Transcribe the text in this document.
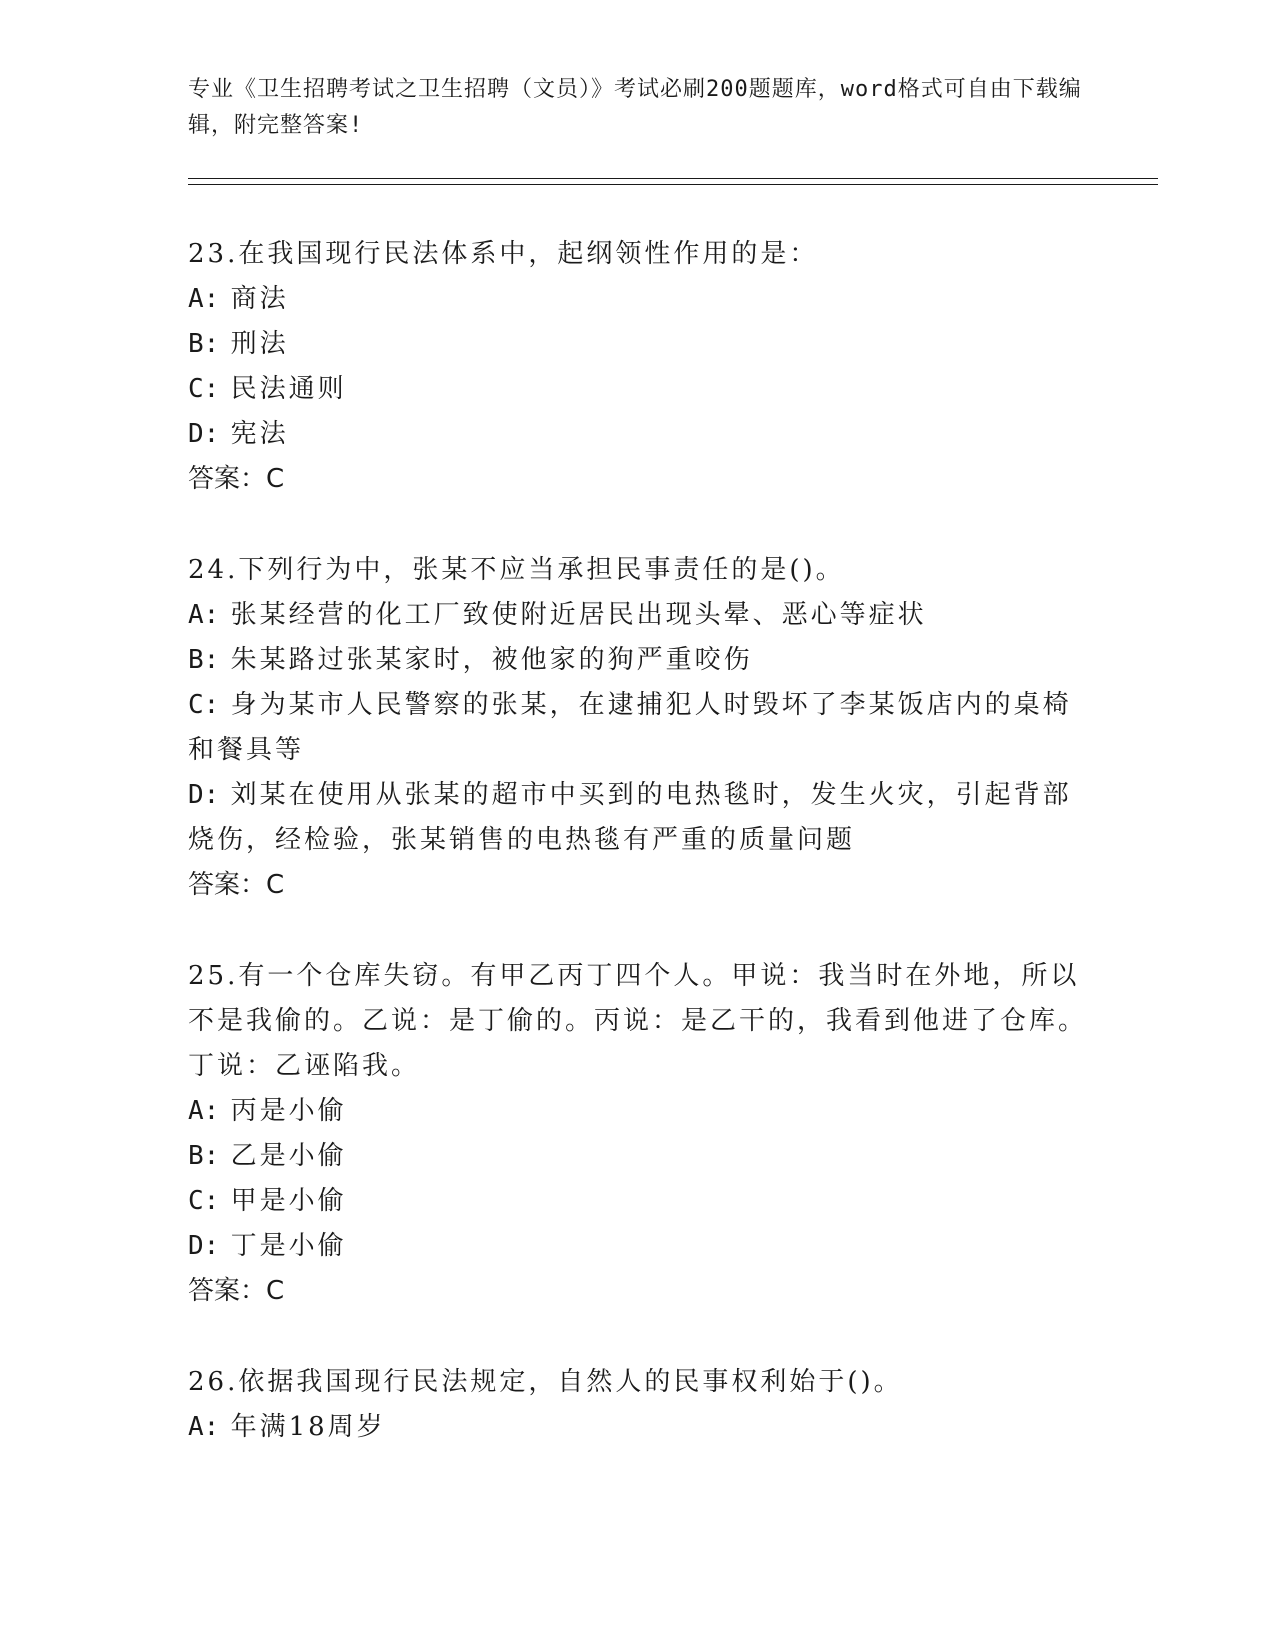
专业《卫生招聘考试之卫生招聘（文员）》考试必刷200题题库，word格式可自由下载编辑，附完整答案!
23.在我国现行民法体系中，起纲领性作用的是：
A: 商法
B: 刑法
C: 民法通则
D: 宪法
答案：C
24.下列行为中，张某不应当承担民事责任的是()。
A: 张某经营的化工厂致使附近居民出现头晕、恶心等症状
B: 朱某路过张某家时，被他家的狗严重咬伤
C: 身为某市人民警察的张某，在逮捕犯人时毁坏了李某饭店内的桌椅和餐具等
D: 刘某在使用从张某的超市中买到的电热毯时，发生火灾，引起背部烧伤，经检验，张某销售的电热毯有严重的质量问题
答案：C
25.有一个仓库失窃。有甲乙丙丁四个人。甲说：我当时在外地，所以不是我偷的。乙说：是丁偷的。丙说：是乙干的，我看到他进了仓库。丁说：乙诬陷我。
A: 丙是小偷
B: 乙是小偷
C: 甲是小偷
D: 丁是小偷
答案：C
26.依据我国现行民法规定，自然人的民事权利始于()。
A: 年满18周岁
